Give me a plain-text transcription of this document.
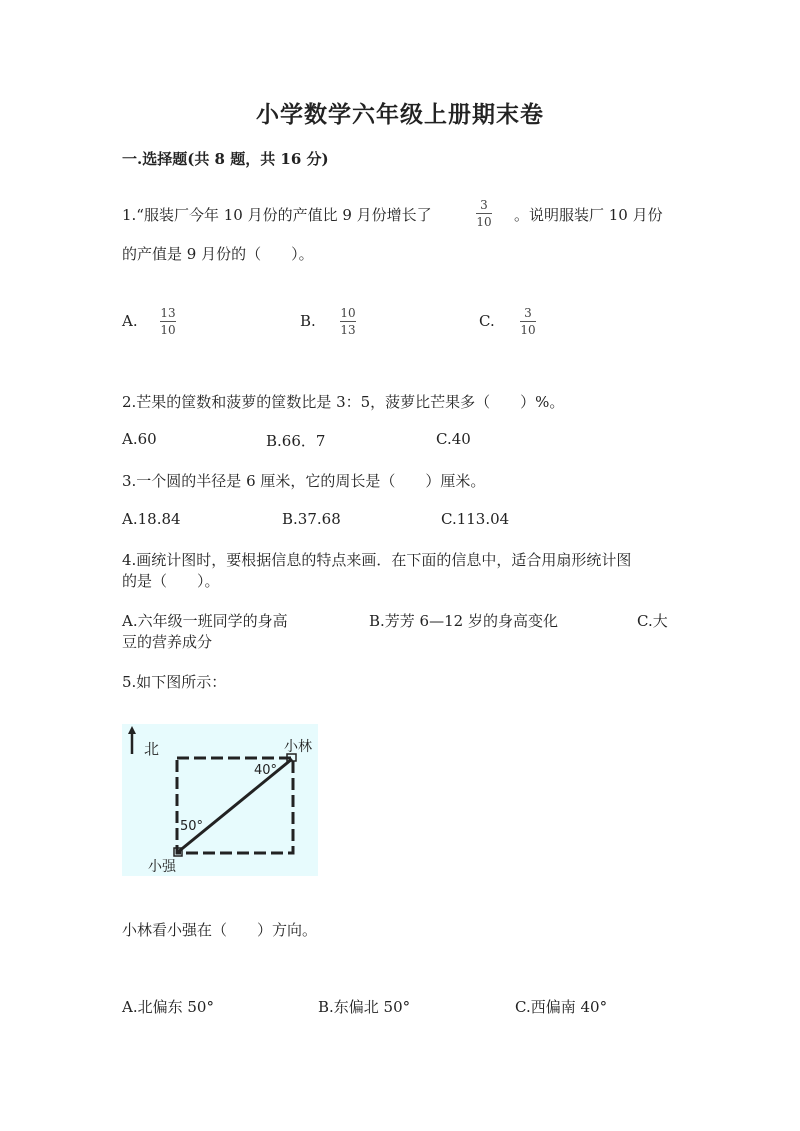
小学数学六年级上册期末卷
一.选择题(共 8 题，共 16 分)
1.“服装厂今年 10 月份的产值比 9 月份增长了
3
10 。说明服装厂 10 月份
的产值是 9 月份的（　　）。
A. 13
10	B. 10
13	C. 3
10
2.芒果的筐数和菠萝的筐数比是 3：5，菠萝比芒果多（　　）%。
A.60	B.66．7	C.40
3.一个圆的半径是 6 厘米，它的周长是（　　）厘米。
A.18.84	B.37.68	C.113.04
4.画统计图时，要根据信息的特点来画．在下面的信息中，适合用扇形统计图
的是（　　）。
A.六年级一班同学的身高	B.芳芳 6—12 岁的身高变化	C.大
豆的营养成分
5.如下图所示：
北	小林
小强
40°
50°
小林看小强在（　　）方向。
A.北偏东 50°	B.东偏北 50°	C.西偏南 40°
